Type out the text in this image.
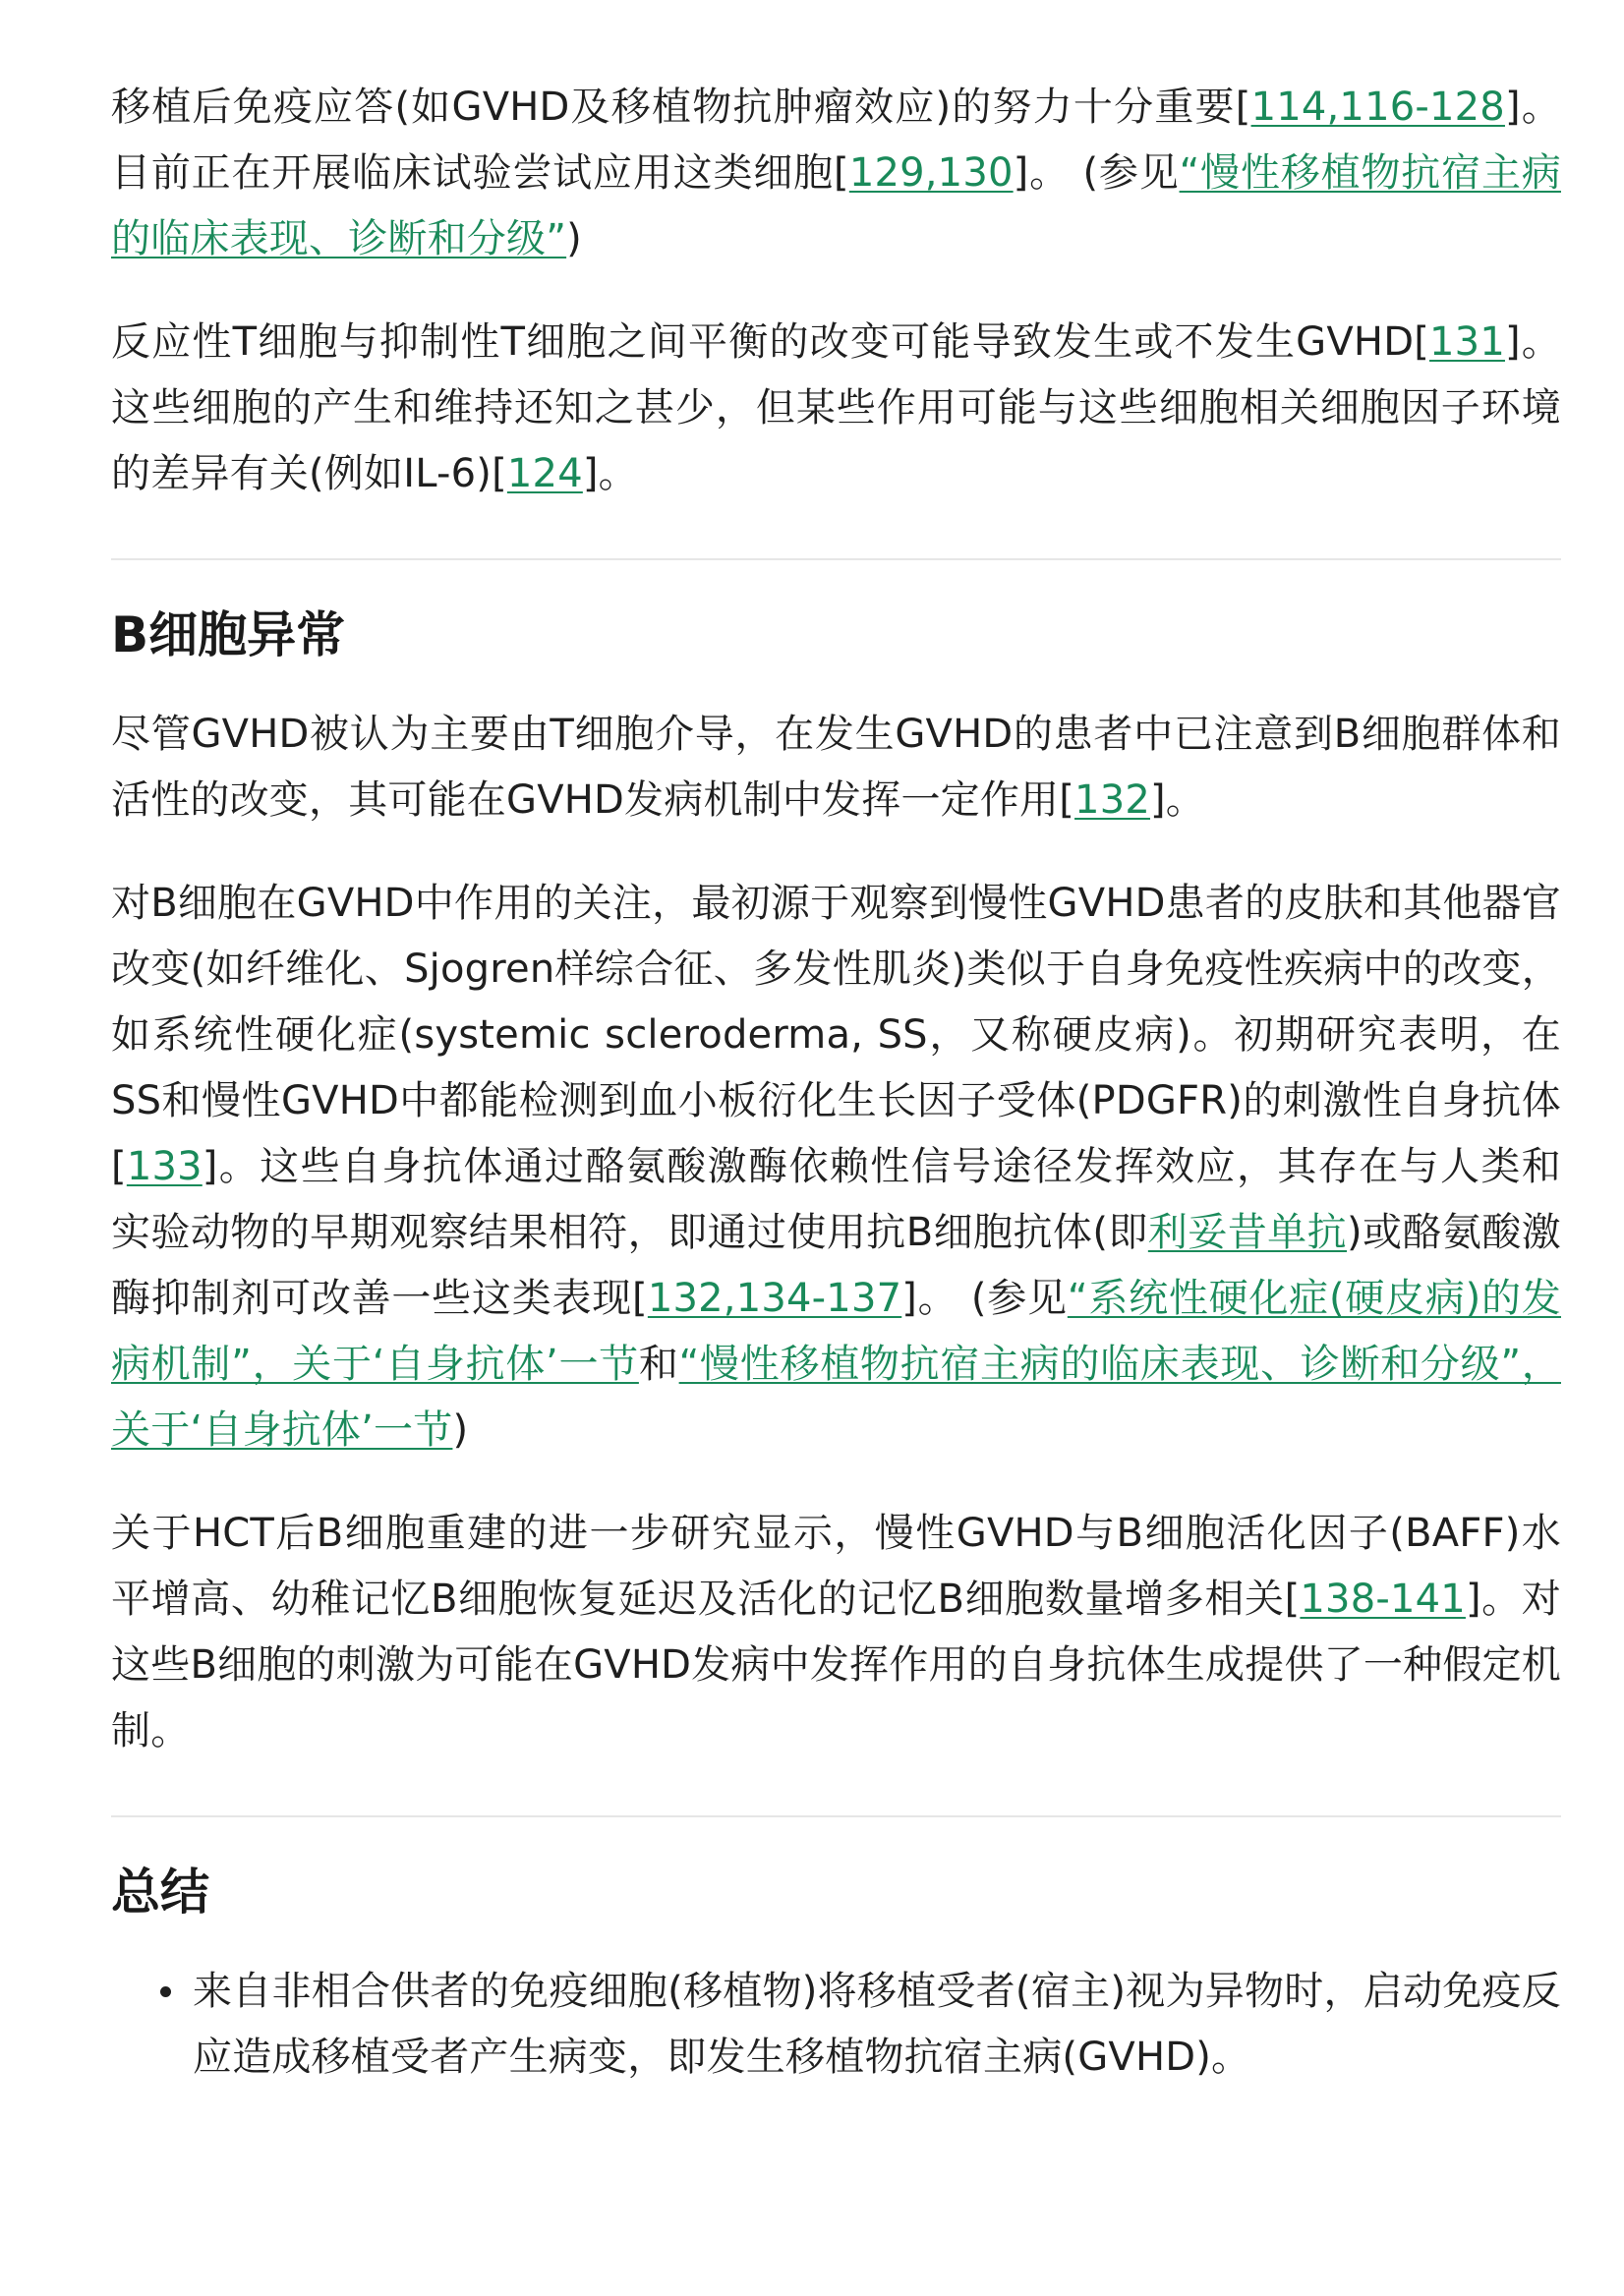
移植后免疫应答(如GVHD及移植物抗肿瘤效应)的努力十分重要[114,116-128]。目前正在开展临床试验尝试应用这类细胞[129,130]。 (参见“慢性移植物抗宿主病的临床表现、诊断和分级”)

反应性T细胞与抑制性T细胞之间平衡的改变可能导致发生或不发生GVHD[131]。这些细胞的产生和维持还知之甚少，但某些作用可能与这些细胞相关细胞因子环境的差异有关(例如IL-6)[124]。

B细胞异常

尽管GVHD被认为主要由T细胞介导，在发生GVHD的患者中已注意到B细胞群体和活性的改变，其可能在GVHD发病机制中发挥一定作用[132]。

对B细胞在GVHD中作用的关注，最初源于观察到慢性GVHD患者的皮肤和其他器官改变(如纤维化、Sjogren样综合征、多发性肌炎)类似于自身免疫性疾病中的改变，如系统性硬化症(systemic scleroderma, SS，又称硬皮病)。初期研究表明，在SS和慢性GVHD中都能检测到血小板衍化生长因子受体(PDGFR)的刺激性自身抗体[133]。这些自身抗体通过酪氨酸激酶依赖性信号途径发挥效应，其存在与人类和实验动物的早期观察结果相符，即通过使用抗B细胞抗体(即利妥昔单抗)或酪氨酸激酶抑制剂可改善一些这类表现[132,134-137]。 (参见“系统性硬化症(硬皮病)的发病机制”，关于‘自身抗体’一节和“慢性移植物抗宿主病的临床表现、诊断和分级”，关于‘自身抗体’一节)

关于HCT后B细胞重建的进一步研究显示，慢性GVHD与B细胞活化因子(BAFF)水平增高、幼稚记忆B细胞恢复延迟及活化的记忆B细胞数量增多相关[138-141]。对这些B细胞的刺激为可能在GVHD发病中发挥作用的自身抗体生成提供了一种假定机制。

总结
来自非相合供者的免疫细胞(移植物)将移植受者(宿主)视为异物时，启动免疫反应造成移植受者产生病变，即发生移植物抗宿主病(GVHD)。
